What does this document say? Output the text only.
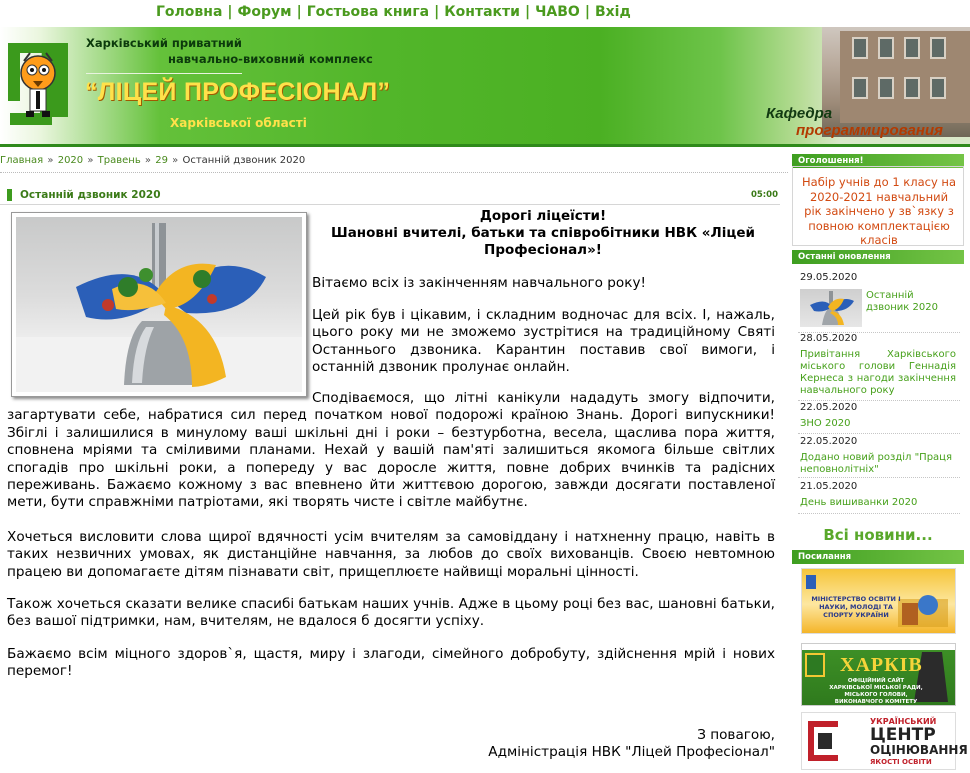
Головна | Форум | Гостьова книга | Контакти | ЧАВО | Вхід
Харківський приватний
навчально-виховний комплекс
“ЛІЦЕЙ ПРОФЕСІОНАЛ”
Харківської області
Кафедра
программирования
Главная » 2020 » Травень » 29 » Останній дзвоник 2020
Останній дзвоник 2020	05:00
Дорогі ліцеїсти!
Шановні вчителі, батьки та співробітники НВК «Ліцей Професіонал»!
Вітаємо всіх із закінченням навчального року!
Цей рік був і цікавим, і складним водночас для всіх. І, нажаль, цього року ми не зможемо зустрітися на традиційному Святі Останнього дзвоника. Карантин поставив свої вимоги, і останній дзвоник пролунає онлайн.
Сподіваємося, що літні канікули нададуть змогу відпочити, загартувати себе, набратися сил перед початком нової подорожі країною Знань. Дорогі випускники! Збіглі і залишилися в минулому ваші шкільні дні і роки – безтурботна, весела, щаслива пора життя, сповнена мріями та сміливими планами. Нехай у вашій пам'яті залишиться якомога більше світлих спогадів про шкільні роки, а попереду у вас доросле життя, повне добрих вчинків та радісних переживань. Бажаємо кожному з вас впевнено йти життєвою дорогою, завжди досягати поставленої мети, бути справжніми патріотами, які творять чисте і світле майбутнє.
Хочеться висловити слова щирої вдячності усім вчителям за самовіддану і натхненну працю, навіть в таких незвичних умовах, як дистанційне навчання, за любов до своїх вихованців. Своєю невтомною працею ви допомагаєте дітям пізнавати світ, прищеплюєте найвищі моральні цінності.
Також хочеться сказати велике спасибі батькам наших учнів. Адже в цьому році без вас, шановні батьки, без вашої підтримки, нам, вчителям, не вдалося б досягти успіху.
Бажаємо всім міцного здоров`я, щастя, миру і злагоди, сімейного добробуту, здійснення мрій і нових перемог!
З повагою,
Адміністрація НВК "Ліцей Професіонал"
Оголошення!
Набір учнів до 1 класу на 2020-2021 навчальний рік закінчено у зв`язку з повною комплектацією класів
Останні оновлення
29.05.2020
Останній дзвоник 2020
28.05.2020
Привітання Харківського міського голови Геннадія Кернеса з нагоди закінчення навчального року
22.05.2020
ЗНО 2020
22.05.2020
Додано новий розділ "Праця неповнолітніх"
21.05.2020
День вишиванки 2020
Всі новини...
Посилання
МІНІСТЕРСТВО ОСВІТИ І НАУКИ, МОЛОДІ ТА СПОРТУ УКРАЇНИ
ХАРКІВ
ОФІЦІЙНИЙ САЙТ ХАРКІВСЬКОЇ МІСЬКОЇ РАДИ, МІСЬКОГО ГОЛОВИ, ВИКОНАВЧОГО КОМІТЕТУ
УКРАЇНСЬКИЙ
ЦЕНТР
ОЦІНЮВАННЯ
ЯКОСТІ ОСВІТИ
